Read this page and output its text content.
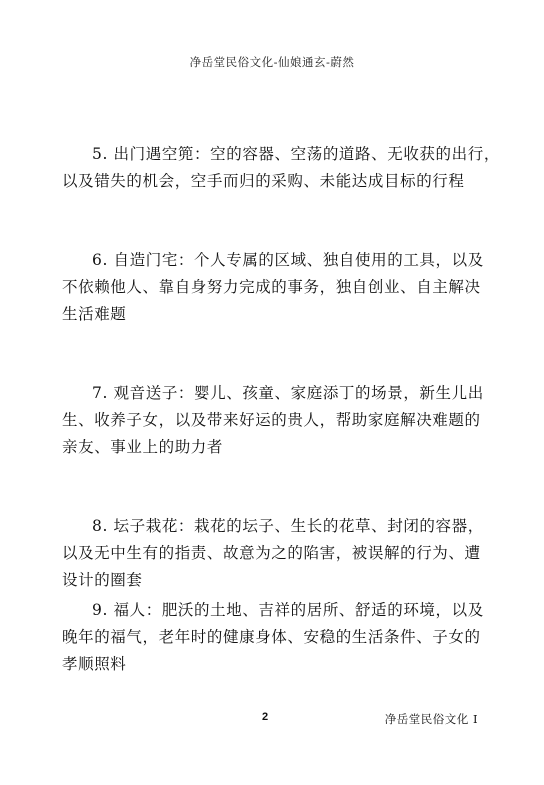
净岳堂民俗文化-仙娘通玄-蔚然
5. 出门遇空篼：空的容器、空荡的道路、无收获的出行，
以及错失的机会，空手而归的采购、未能达成目标的行程
6. 自造门宅：个人专属的区域、独自使用的工具，以及
不依赖他人、靠自身努力完成的事务，独自创业、自主解决
生活难题
7. 观音送子：婴儿、孩童、家庭添丁的场景，新生儿出
生、收养子女，以及带来好运的贵人，帮助家庭解决难题的
亲友、事业上的助力者
8. 坛子栽花：栽花的坛子、生长的花草、封闭的容器，
以及无中生有的指责、故意为之的陷害，被误解的行为、遭
设计的圈套
9. 福人：肥沃的土地、吉祥的居所、舒适的环境，以及
晚年的福气，老年时的健康身体、安稳的生活条件、子女的
孝顺照料
2	净岳堂民俗文化 I
